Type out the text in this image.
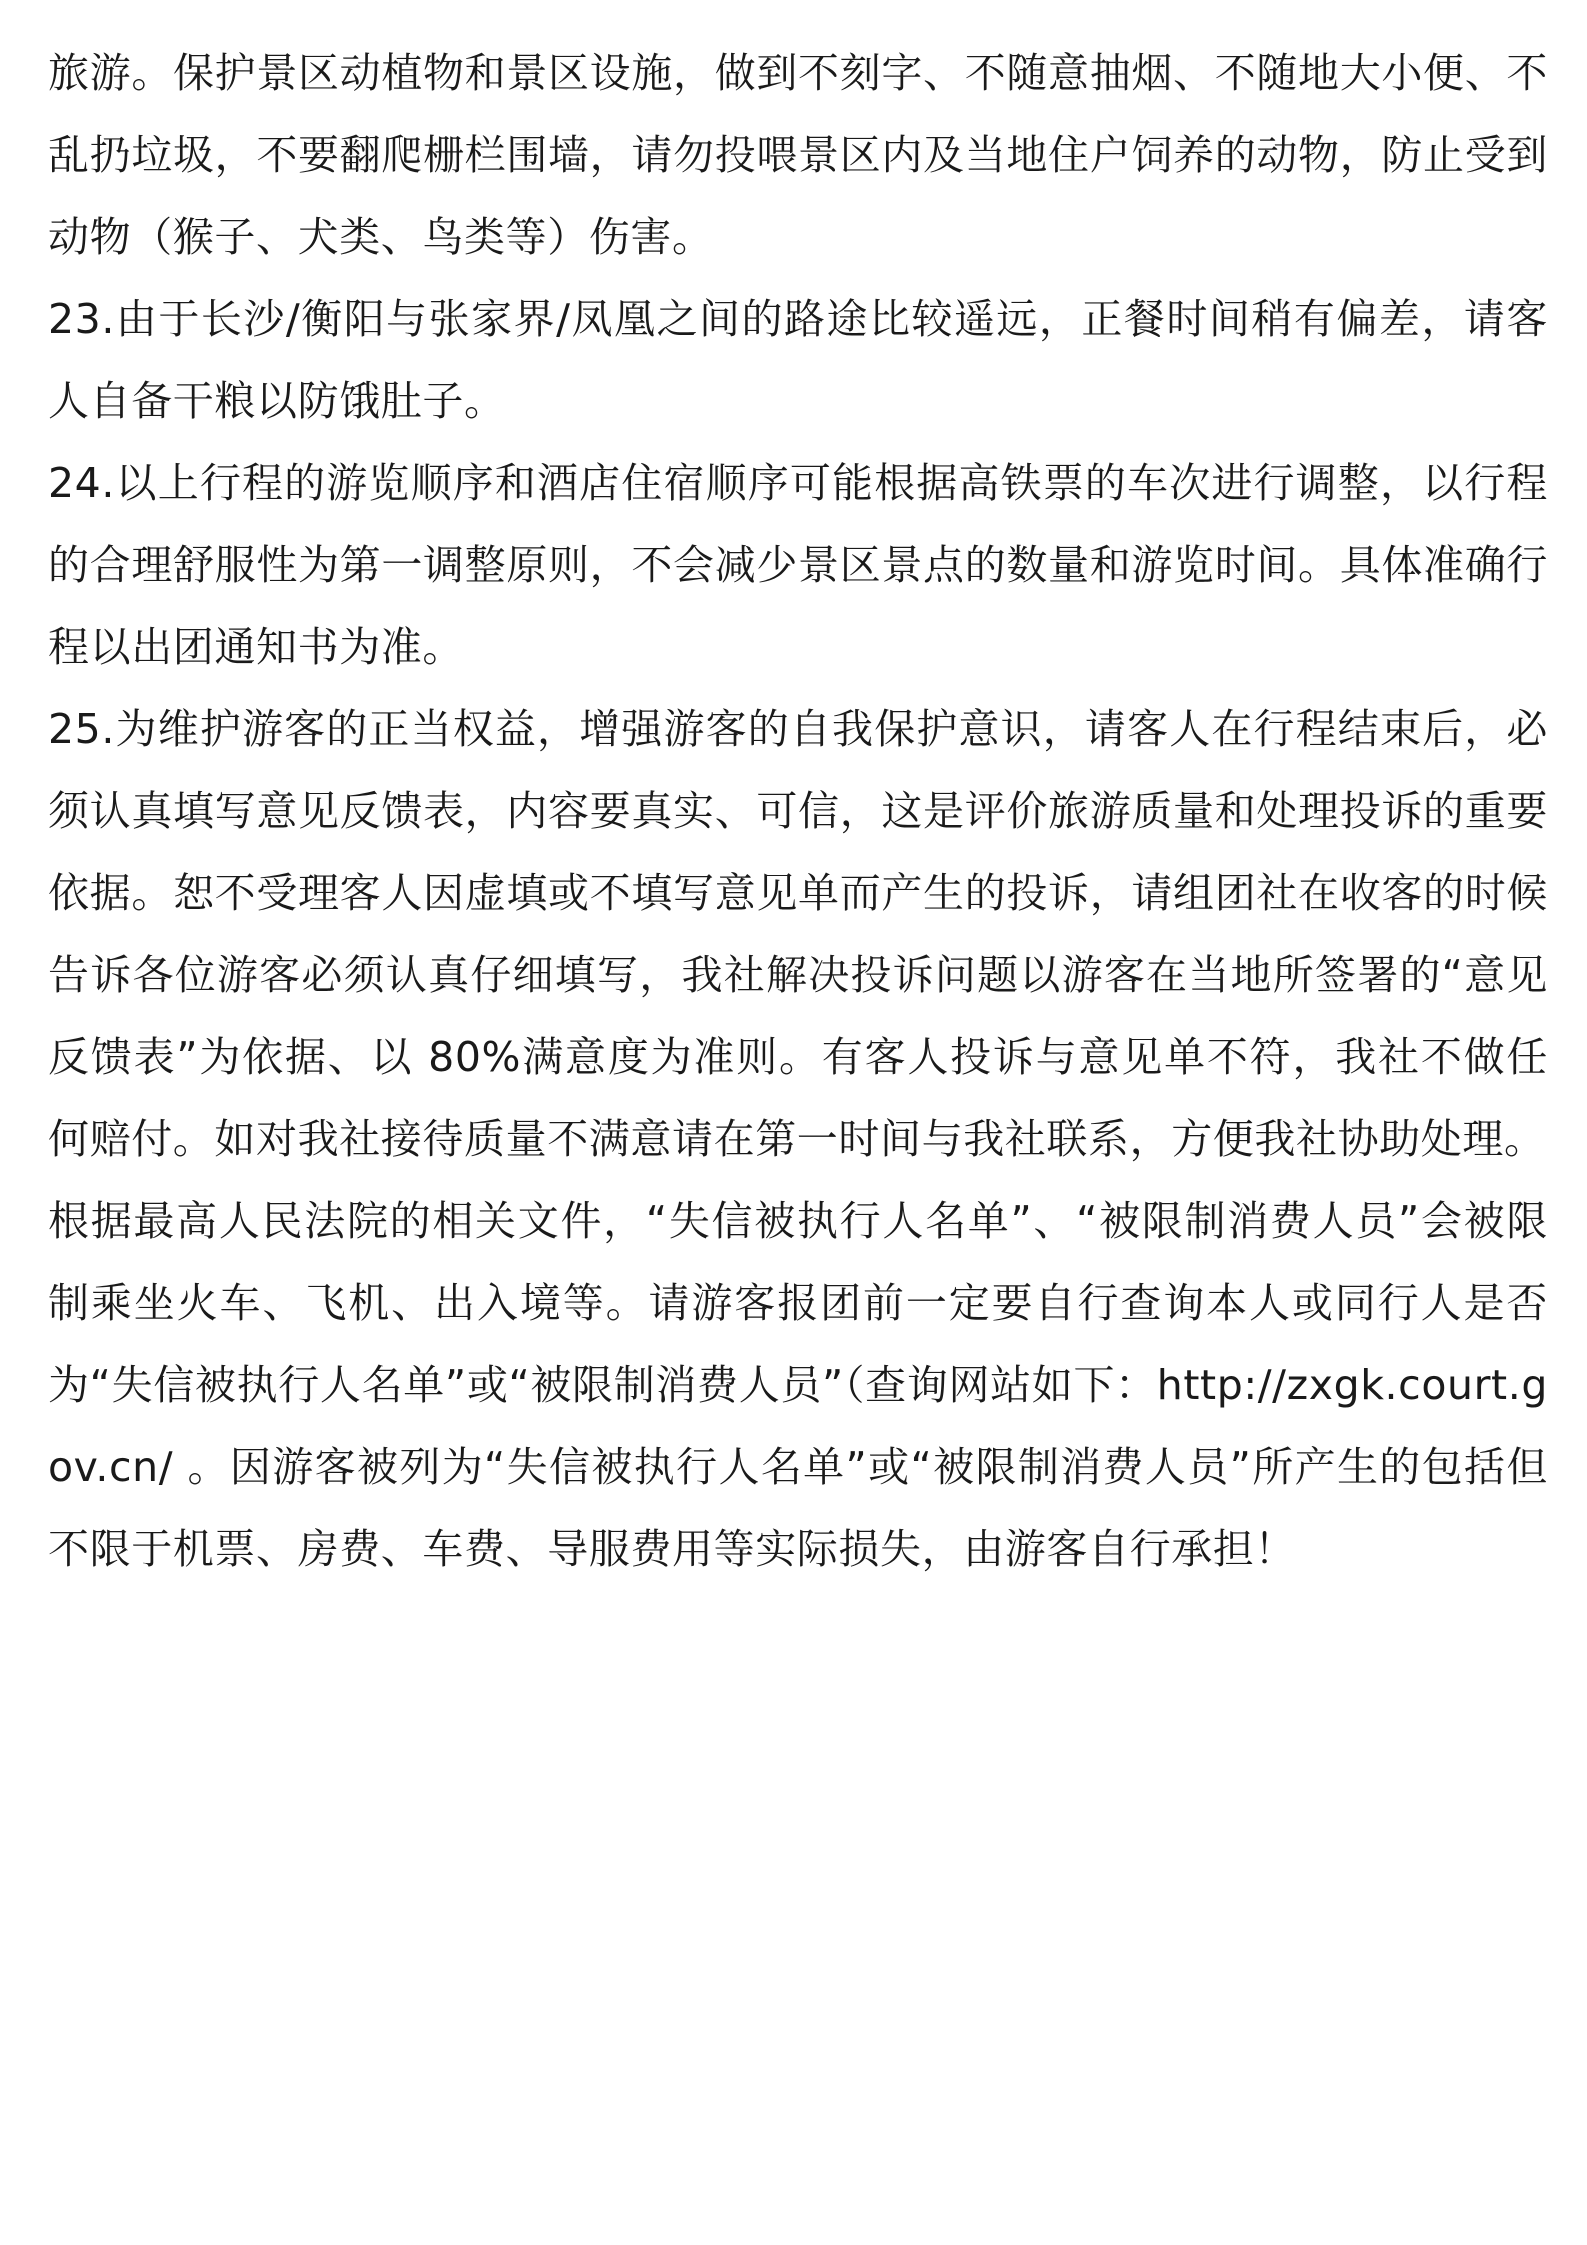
旅游。保护景区动植物和景区设施，做到不刻字、不随意抽烟、不随地大小便、不乱扔垃圾，不要翻爬栅栏围墙，请勿投喂景区内及当地住户饲养的动物，防止受到动物（猴子、犬类、鸟类等）伤害。

23.由于长沙/衡阳与张家界/凤凰之间的路途比较遥远，正餐时间稍有偏差，请客人自备干粮以防饿肚子。

24.以上行程的游览顺序和酒店住宿顺序可能根据高铁票的车次进行调整，以行程的合理舒服性为第一调整原则，不会减少景区景点的数量和游览时间。具体准确行程以出团通知书为准。

25.为维护游客的正当权益，增强游客的自我保护意识，请客人在行程结束后，必须认真填写意见反馈表，内容要真实、可信，这是评价旅游质量和处理投诉的重要依据。恕不受理客人因虚填或不填写意见单而产生的投诉，请组团社在收客的时候告诉各位游客必须认真仔细填写，我社解决投诉问题以游客在当地所签署的“意见反馈表”为依据、以 80%满意度为准则。有客人投诉与意见单不符，我社不做任何赔付。如对我社接待质量不满意请在第一时间与我社联系，方便我社协助处理。

根据最高人民法院的相关文件，“失信被执行人名单”、“被限制消费人员”会被限制乘坐火车、飞机、出入境等。请游客报团前一定要自行查询本人或同行人是否为“失信被执行人名单”或“被限制消费人员”（查询网站如下：http://zxgk.court.gov.cn/ 。因游客被列为“失信被执行人名单”或“被限制消费人员”所产生的包括但不限于机票、房费、车费、导服费用等实际损失，由游客自行承担！
